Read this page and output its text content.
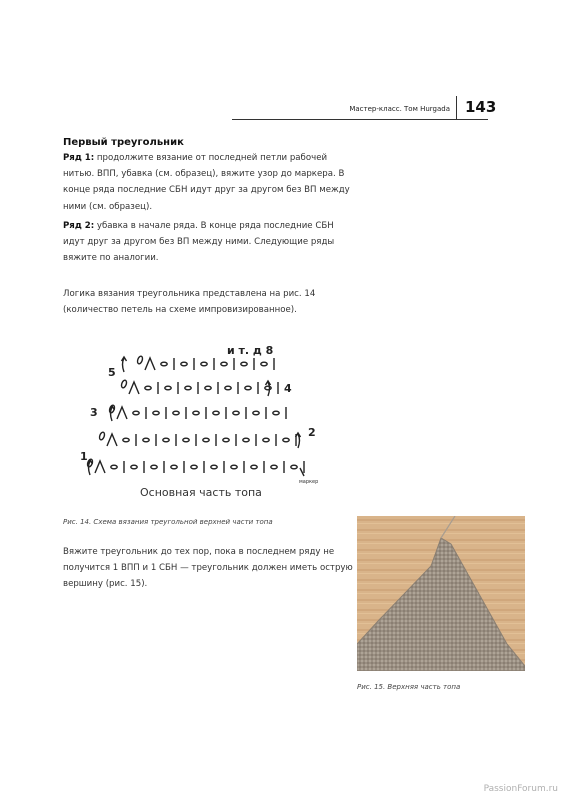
Мастер-класс. Том Hurgada 143
Первый треугольник
Ряд 1: продолжите вязание от последней петли рабочей нитью. ВПП, убавка (см. образец), вяжите узор до маркера. В конце ряда последние СБН идут друг за другом без ВП между ними (см. образец).
Ряд 2: убавка в начале ряда. В конце ряда последние СБН идут друг за другом без ВП между ними. Следующие ряды вяжите по аналогии.
Логика вязания треугольника представлена на рис. 14 (количество петель на схеме импровизированное).
и т. д 8
5
4
3
2
1
маркер
Основная часть топа
Рис. 14. Схема вязания треугольной верхней части топа
Вяжите треугольник до тех пор, пока в последнем ряду не получится 1 ВПП и 1 СБН — треугольник должен иметь острую вершину (рис. 15).
Рис. 15. Верхняя часть топа
PassionForum.ru
